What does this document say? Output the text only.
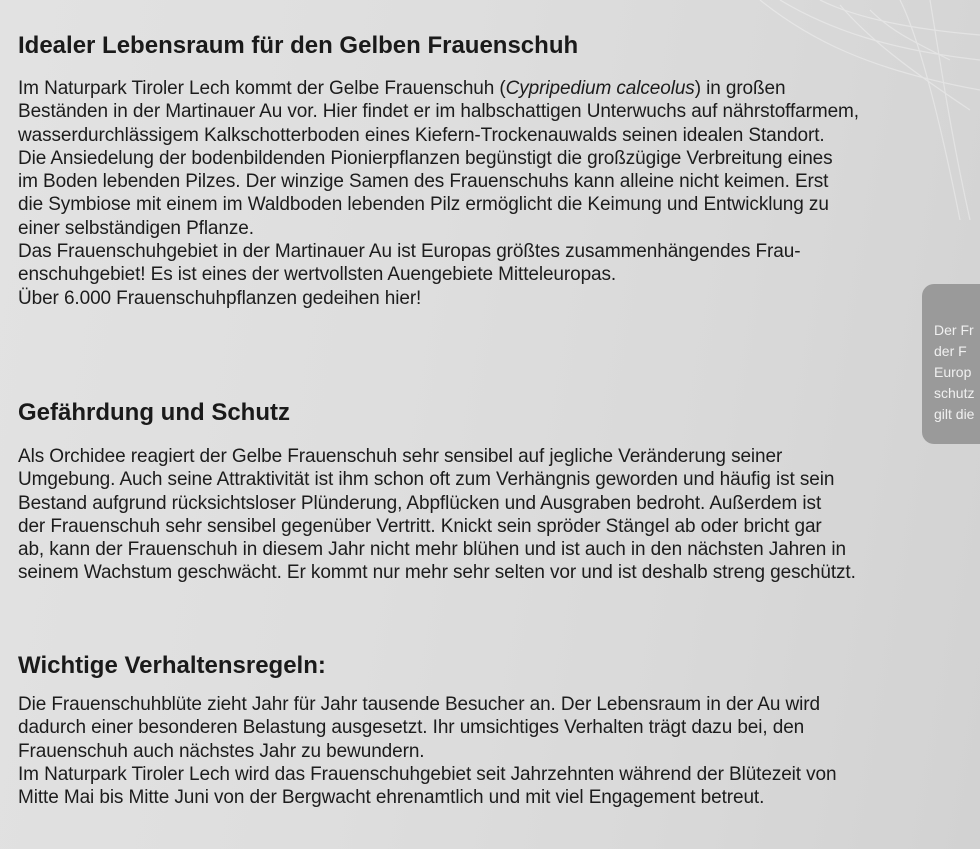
Idealer Lebensraum für den Gelben Frauenschuh
Im Naturpark Tiroler Lech kommt der Gelbe Frauenschuh (Cypripedium calceolus) in großen
Beständen in der Martinauer Au vor. Hier findet er im halbschattigen Unterwuchs auf nährstoffarmem,
wasserdurchlässigem Kalkschotterboden eines Kiefern-Trockenauwalds seinen idealen Standort.
Die Ansiedelung der bodenbildenden Pionierpflanzen begünstigt die großzügige Verbreitung eines
im Boden lebenden Pilzes. Der winzige Samen des Frauenschuhs kann alleine nicht keimen. Erst
die Symbiose mit einem im Waldboden lebenden Pilz ermöglicht die Keimung und Entwicklung zu
einer selbständigen Pflanze.
Das Frauenschuhgebiet in der Martinauer Au ist Europas größtes zusammenhängendes Frau-
enschuhgebiet! Es ist eines der wertvollsten Auengebiete Mitteleuropas.
Über 6.000 Frauenschuhpflanzen gedeihen hier!
Gefährdung und Schutz
Als Orchidee reagiert der Gelbe Frauenschuh sehr sensibel auf jegliche Veränderung seiner
Umgebung. Auch seine Attraktivität ist ihm schon oft zum Verhängnis geworden und häufig ist sein
Bestand aufgrund rücksichtsloser Plünderung, Abpflücken und Ausgraben bedroht. Außerdem ist
der Frauenschuh sehr sensibel gegenüber Vertritt. Knickt sein spröder Stängel ab oder bricht gar
ab, kann der Frauenschuh in diesem Jahr nicht mehr blühen und ist auch in den nächsten Jahren in
seinem Wachstum geschwächt. Er kommt nur mehr sehr selten vor und ist deshalb streng geschützt.
Wichtige Verhaltensregeln:
Die Frauenschuhblüte zieht Jahr für Jahr tausende Besucher an. Der Lebensraum in der Au wird
dadurch einer besonderen Belastung ausgesetzt. Ihr umsichtiges Verhalten trägt dazu bei, den
Frauenschuh auch nächstes Jahr zu bewundern.
Im Naturpark Tiroler Lech wird das Frauenschuhgebiet seit Jahrzehnten während der Blütezeit von
Mitte Mai bis Mitte Juni von der Bergwacht ehrenamtlich und mit viel Engagement betreut.
Der Fr
der F
Europ
schutz
gilt die
